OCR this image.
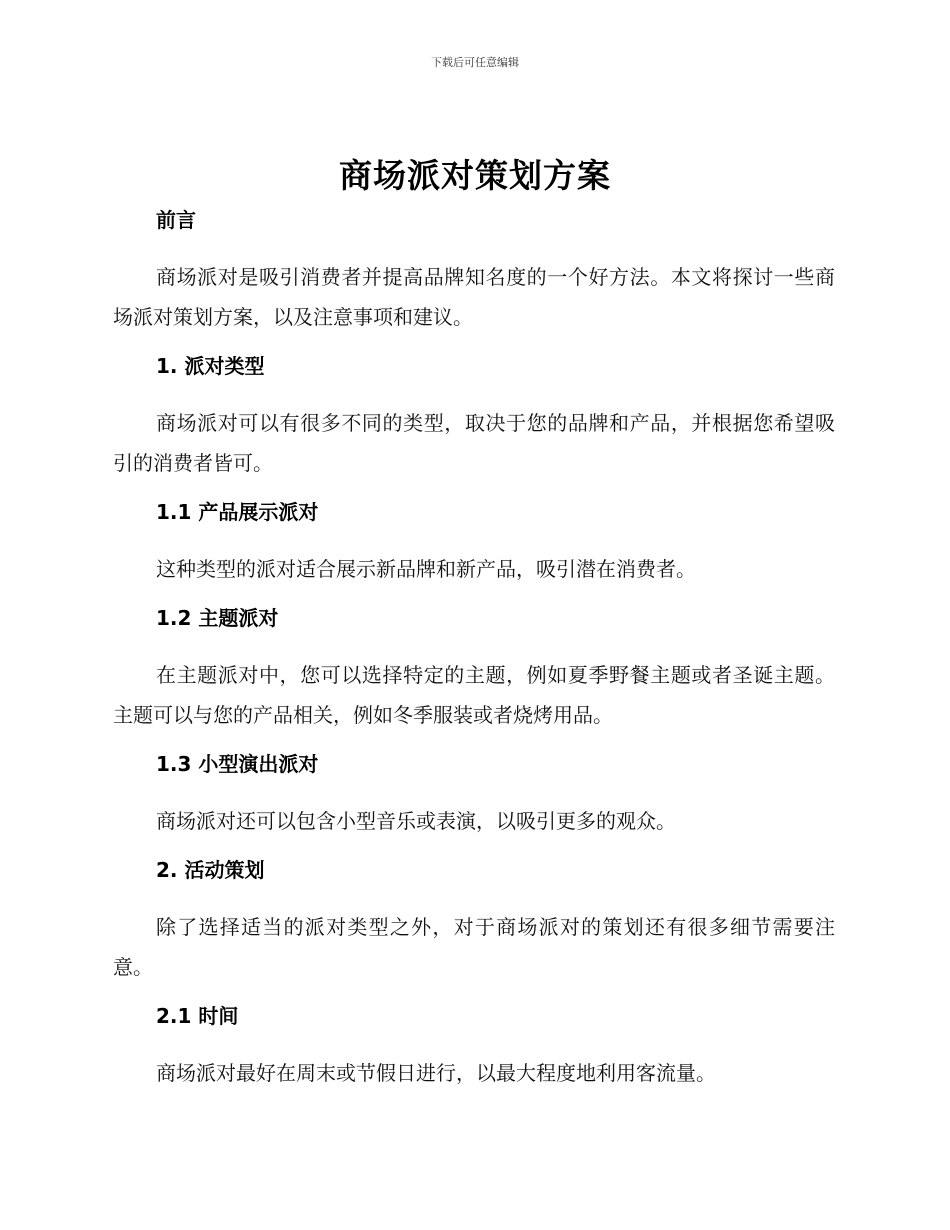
下载后可任意编辑
商场派对策划方案

前言

商场派对是吸引消费者并提高品牌知名度的一个好方法。本文将探讨一些商场派对策划方案，以及注意事项和建议。

1. 派对类型

商场派对可以有很多不同的类型，取决于您的品牌和产品，并根据您希望吸引的消费者皆可。

1.1 产品展示派对

这种类型的派对适合展示新品牌和新产品，吸引潜在消费者。

1.2 主题派对

在主题派对中，您可以选择特定的主题，例如夏季野餐主题或者圣诞主题。主题可以与您的产品相关，例如冬季服装或者烧烤用品。

1.3 小型演出派对

商场派对还可以包含小型音乐或表演，以吸引更多的观众。

2. 活动策划

除了选择适当的派对类型之外，对于商场派对的策划还有很多细节需要注意。

2.1 时间

商场派对最好在周末或节假日进行，以最大程度地利用客流量。
